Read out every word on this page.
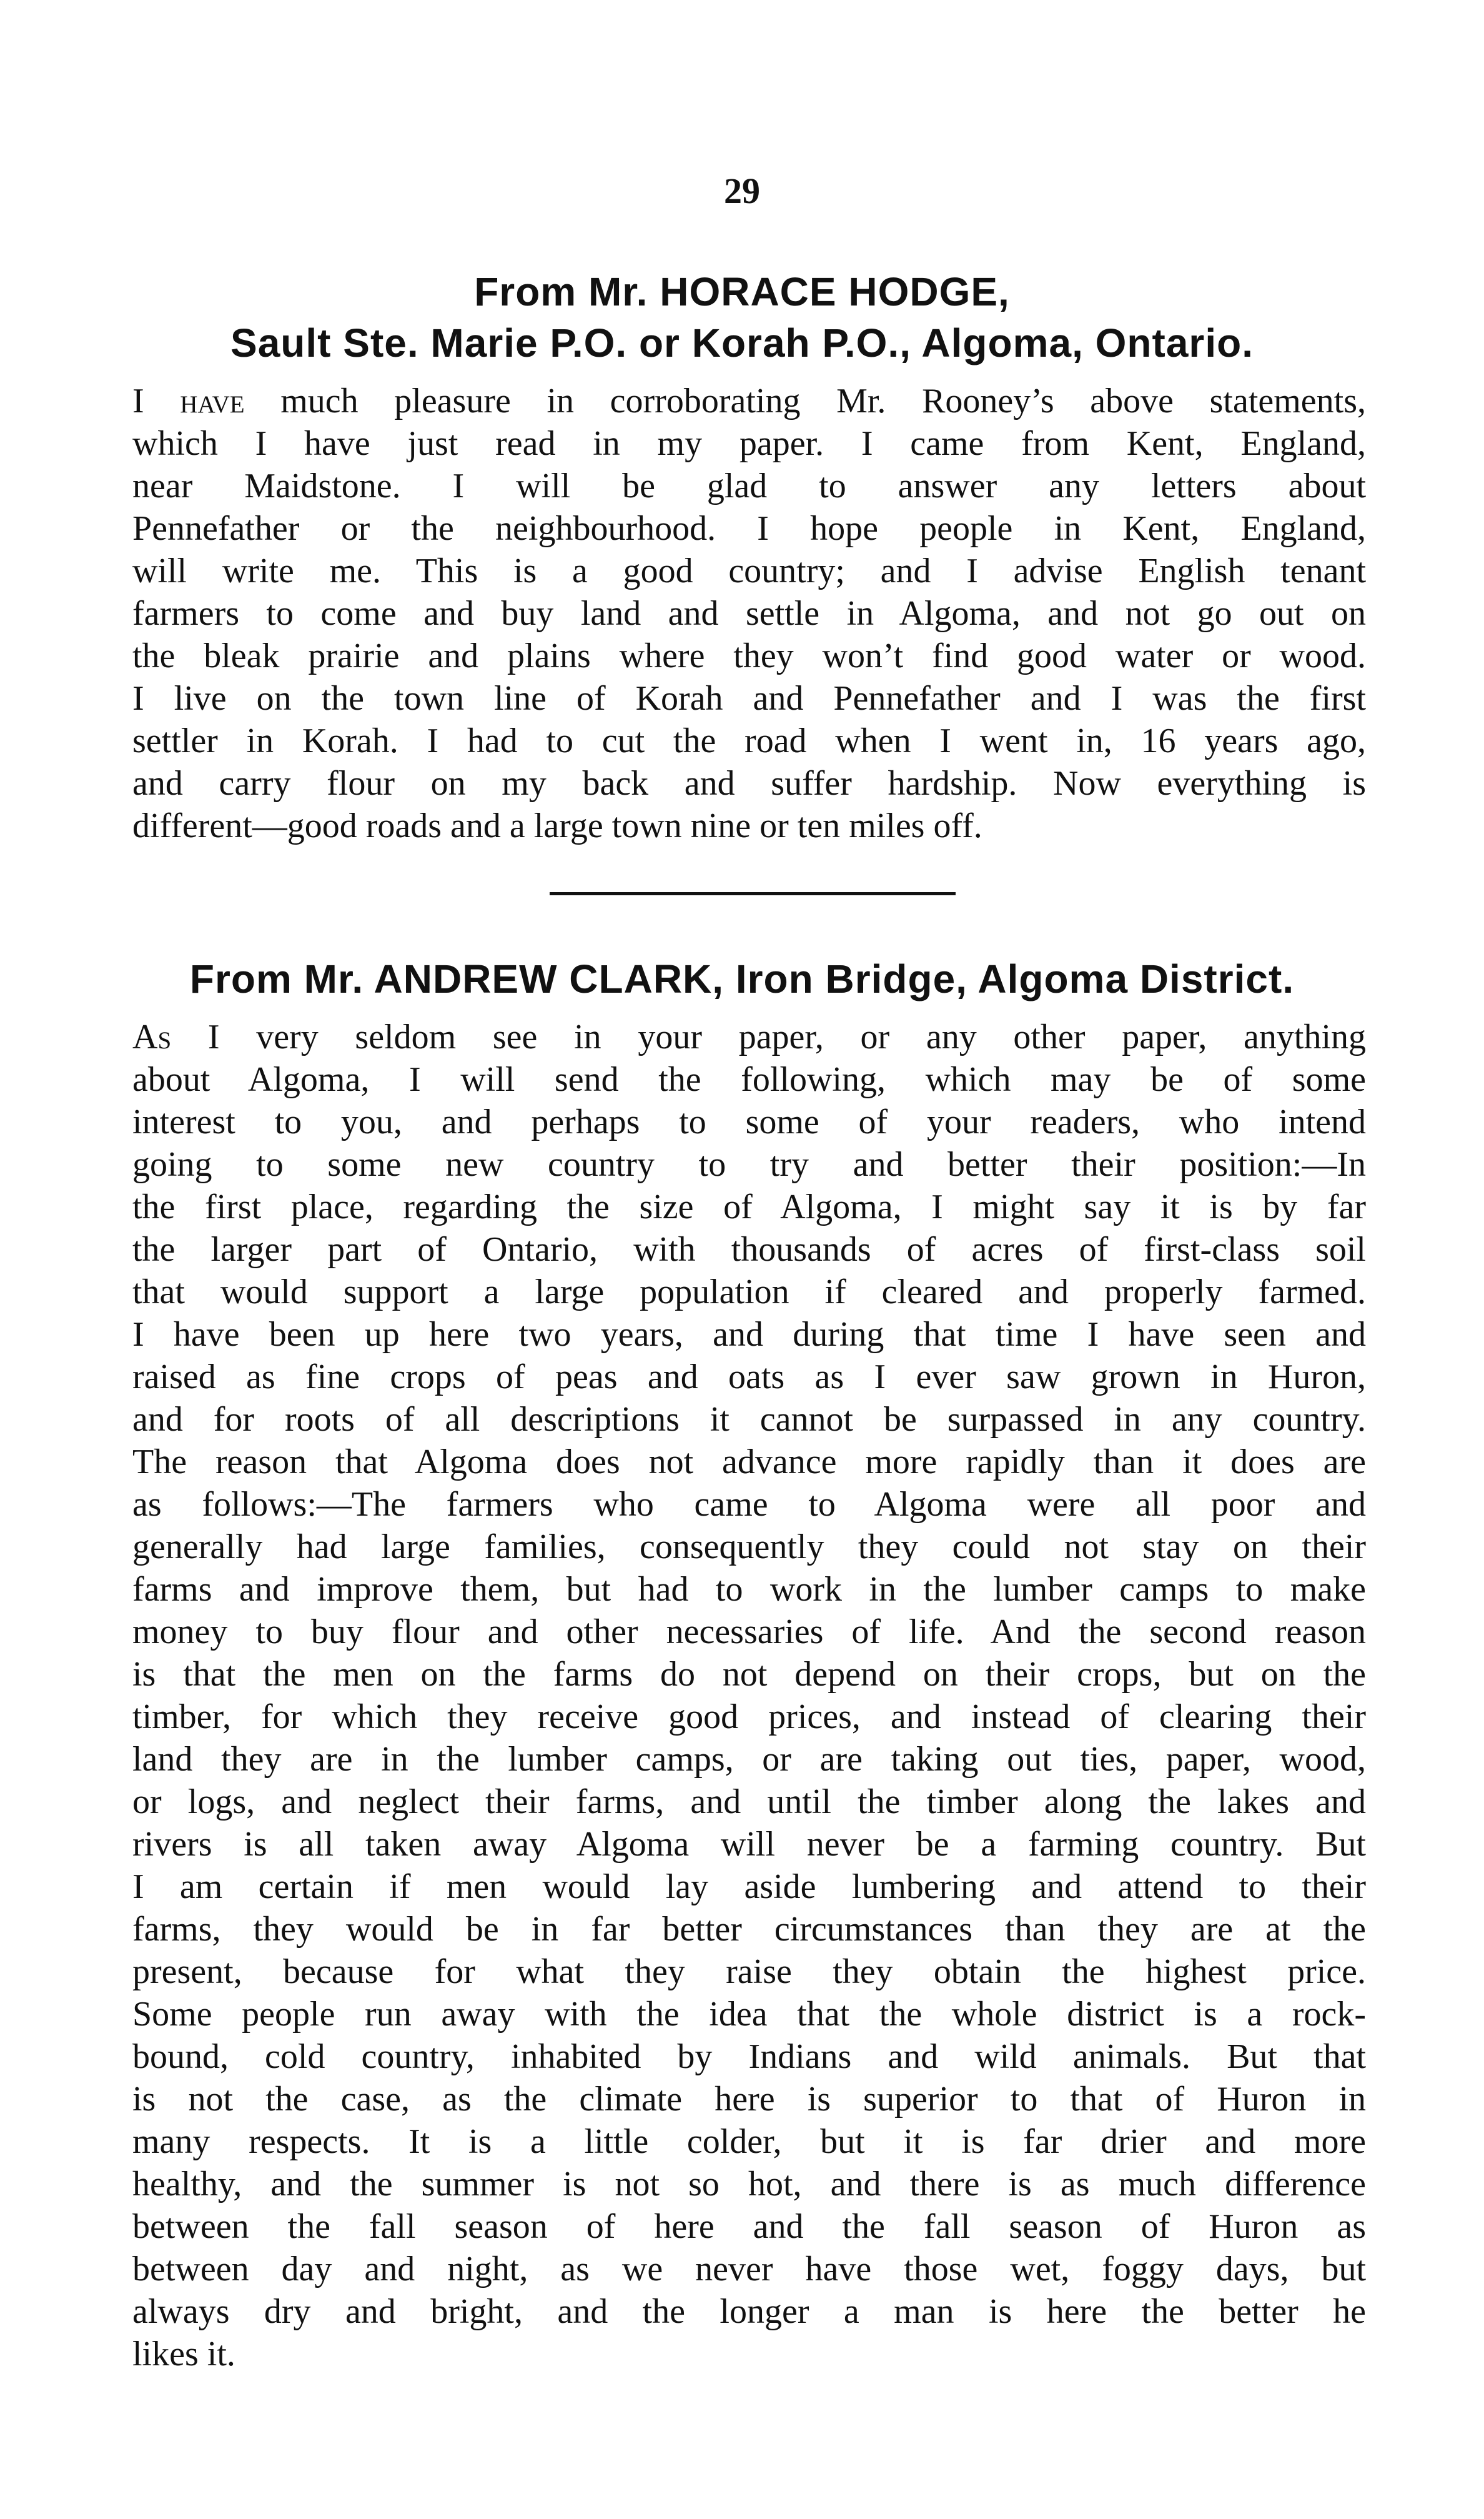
29
From Mr. HORACE HODGE,
Sault Ste. Marie P.O. or Korah P.O., Algoma, Ontario.
I have much pleasure in corroborating Mr. Rooney’s above statements,
which I have just read in my paper. I came from Kent, England,
near Maidstone. I will be glad to answer any letters about
Pennefather or the neighbourhood. I hope people in Kent, England,
will write me. This is a good country; and I advise English tenant
farmers to come and buy land and settle in Algoma, and not go out on
the bleak prairie and plains where they won’t find good water or wood.
I live on the town line of Korah and Pennefather and I was the first
settler in Korah. I had to cut the road when I went in, 16 years ago,
and carry flour on my back and suffer hardship. Now everything is
different—good roads and a large town nine or ten miles off.
From Mr. ANDREW CLARK, Iron Bridge, Algoma District.
As I very seldom see in your paper, or any other paper, anything
about Algoma, I will send the following, which may be of some
interest to you, and perhaps to some of your readers, who intend
going to some new country to try and better their position:—In
the first place, regarding the size of Algoma, I might say it is by far
the larger part of Ontario, with thousands of acres of first-class soil
that would support a large population if cleared and properly farmed.
I have been up here two years, and during that time I have seen and
raised as fine crops of peas and oats as I ever saw grown in Huron,
and for roots of all descriptions it cannot be surpassed in any country.
The reason that Algoma does not advance more rapidly than it does are
as follows:—The farmers who came to Algoma were all poor and
generally had large families, consequently they could not stay on their
farms and improve them, but had to work in the lumber camps to make
money to buy flour and other necessaries of life. And the second reason
is that the men on the farms do not depend on their crops, but on the
timber, for which they receive good prices, and instead of clearing their
land they are in the lumber camps, or are taking out ties, paper, wood,
or logs, and neglect their farms, and until the timber along the lakes and
rivers is all taken away Algoma will never be a farming country. But
I am certain if men would lay aside lumbering and attend to their
farms, they would be in far better circumstances than they are at the
present, because for what they raise they obtain the highest price.
Some people run away with the idea that the whole district is a rock-
bound, cold country, inhabited by Indians and wild animals. But that
is not the case, as the climate here is superior to that of Huron in
many respects. It is a little colder, but it is far drier and more
healthy, and the summer is not so hot, and there is as much difference
between the fall season of here and the fall season of Huron as
between day and night, as we never have those wet, foggy days, but
always dry and bright, and the longer a man is here the better he
likes it.
